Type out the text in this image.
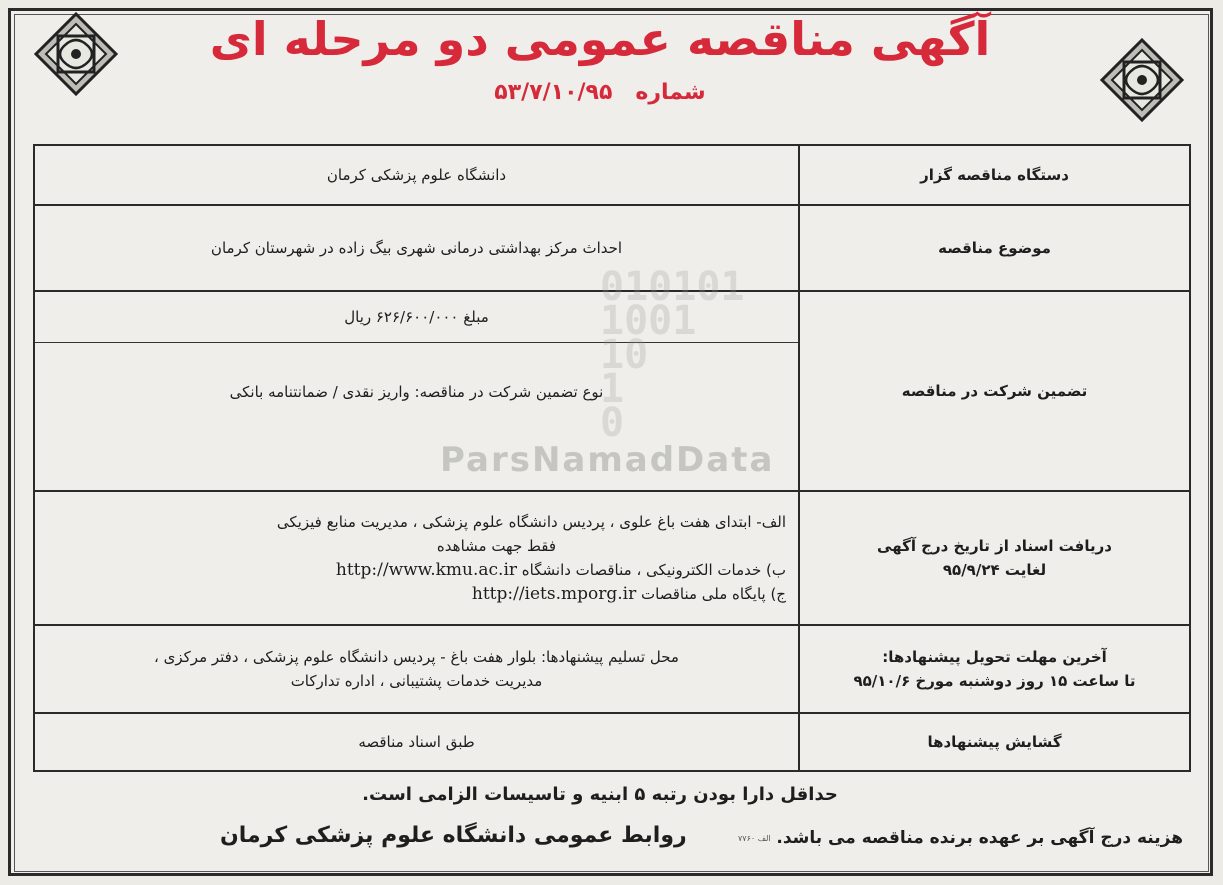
آگهی مناقصه عمومی دو مرحله ای
شماره   ۵۳/۷/۱۰/۹۵
دستگاه مناقصه گزار	دانشگاه علوم پزشکی کرمان
موضوع مناقصه	احداث مرکز بهداشتی درمانی شهری بیگ زاده در شهرستان کرمان
تضمین شرکت در مناقصه	مبلغ ۶۲۶/۶۰۰/۰۰۰ ریال
نوع تضمین شرکت در مناقصه: واریز نقدی / ضمانتنامه بانکی

دریافت اسناد از تاریخ درج آگهی
لغایت ۹۵/۹/۲۴	الف- ابتدای هفت باغ علوی ، پردیس دانشگاه علوم پزشکی ، مدیریت منابع فیزیکی
فقط جهت مشاهده
ب) خدمات الکترونیکی ، مناقصات دانشگاه http://www.kmu.ac.ir
ج) پایگاه ملی مناقصات http://iets.mporg.ir

آخرین مهلت تحویل پیشنهادها:
تا ساعت ۱۵ روز دوشنبه مورخ ۹۵/۱۰/۶	محل تسلیم پیشنهادها: بلوار هفت باغ - پردیس دانشگاه علوم پزشکی ، دفتر مرکزی ،
مدیریت خدمات پشتیبانی ، اداره تدارکات

گشایش پیشنهادها	طبق اسناد مناقصه
010101
1001
10
1
0
ParsNamadData
حداقل دارا بودن رتبه ۵ ابنیه و تاسیسات الزامی است.
هزینه درج آگهی بر عهده برنده مناقصه می باشد.
۷۷۶۰ الف
روابط عمومی دانشگاه علوم پزشکی کرمان
